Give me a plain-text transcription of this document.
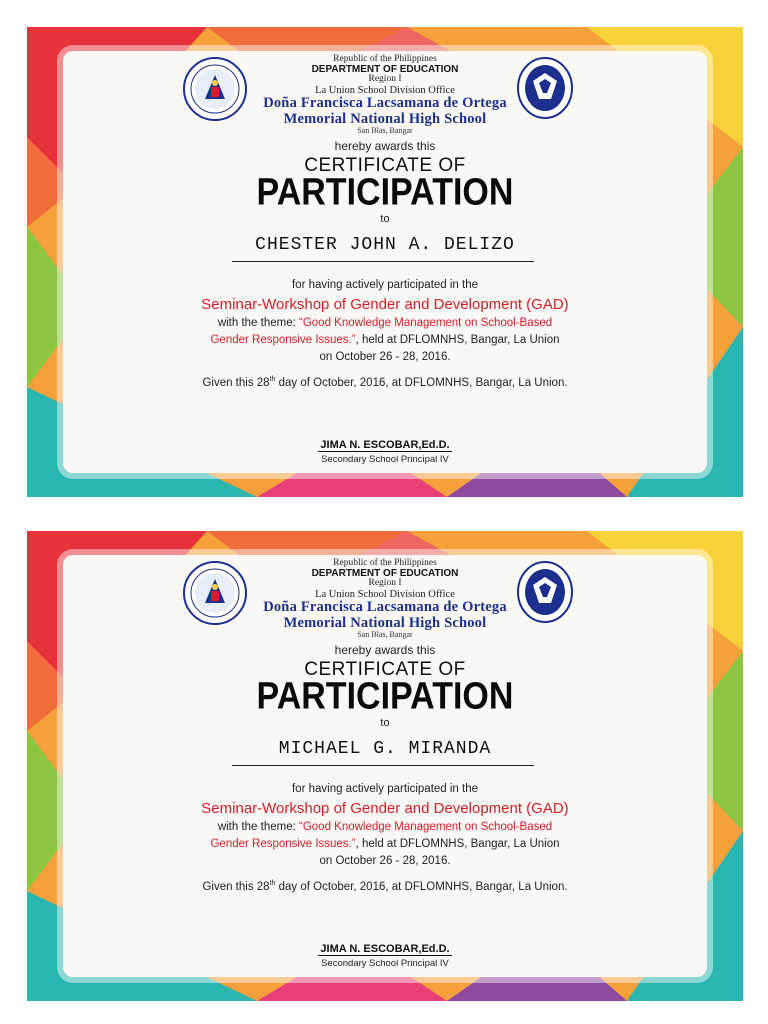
Republic of the Philippines
DEPARTMENT OF EDUCATION
Region I
La Union School Division Office
Doña Francisca Lacsamana de Ortega
Memorial National High School
San Blas, Bangar
hereby awards this
CERTIFICATE OF
PARTICIPATION
to
CHESTER JOHN A. DELIZO
for having actively participated in the
Seminar-Workshop of Gender and Development (GAD)
with the theme: “Good Knowledge Management on School-Based
Gender Responsive Issues.”, held at DFLOMNHS, Bangar, La Union
on October 26 - 28, 2016.
Given this 28th day of October, 2016, at DFLOMNHS, Bangar, La Union.
JIMA N. ESCOBAR,Ed.D.
Secondary School Principal IV
Republic of the Philippines
DEPARTMENT OF EDUCATION
Region I
La Union School Division Office
Doña Francisca Lacsamana de Ortega
Memorial National High School
San Blas, Bangar
hereby awards this
CERTIFICATE OF
PARTICIPATION
to
MICHAEL G. MIRANDA
for having actively participated in the
Seminar-Workshop of Gender and Development (GAD)
with the theme: “Good Knowledge Management on School-Based
Gender Responsive Issues.”, held at DFLOMNHS, Bangar, La Union
on October 26 - 28, 2016.
Given this 28th day of October, 2016, at DFLOMNHS, Bangar, La Union.
JIMA N. ESCOBAR,Ed.D.
Secondary School Principal IV
